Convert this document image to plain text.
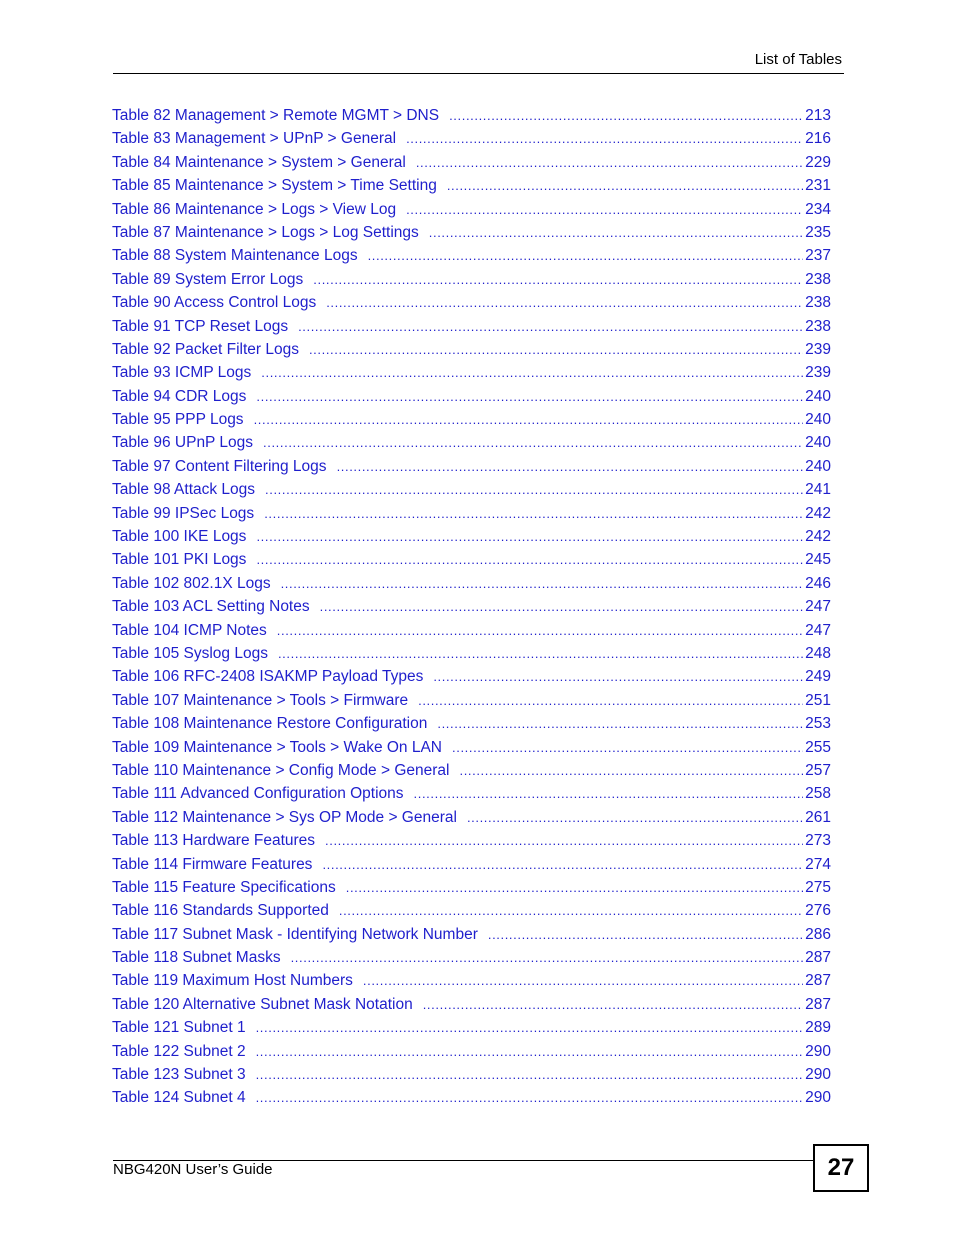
List of Tables
Table 82 Management > Remote MGMT > DNS .....	213
Table 83 Management > UPnP > General .....	216
Table 84 Maintenance > System > General .....	229
Table 85 Maintenance > System > Time Setting .....	231
Table 86 Maintenance > Logs > View Log .....	234
Table 87 Maintenance > Logs > Log Settings .....	235
Table 88 System Maintenance Logs .....	237
Table 89 System Error Logs .....	238
Table 90 Access Control Logs .....	238
Table 91 TCP Reset Logs .....	238
Table 92 Packet Filter Logs .....	239
Table 93 ICMP Logs .....	239
Table 94 CDR Logs .....	240
Table 95 PPP Logs .....	240
Table 96 UPnP Logs .....	240
Table 97 Content Filtering Logs .....	240
Table 98 Attack Logs .....	241
Table 99 IPSec Logs .....	242
Table 100 IKE Logs .....	242
Table 101 PKI Logs .....	245
Table 102 802.1X Logs .....	246
Table 103 ACL Setting Notes .....	247
Table 104 ICMP Notes .....	247
Table 105 Syslog Logs .....	248
Table 106 RFC-2408 ISAKMP Payload Types .....	249
Table 107 Maintenance > Tools > Firmware .....	251
Table 108 Maintenance Restore Configuration .....	253
Table 109 Maintenance > Tools > Wake On LAN .....	255
Table 110 Maintenance > Config Mode > General .....	257
Table 111 Advanced Configuration Options .....	258
Table 112 Maintenance > Sys OP Mode > General .....	261
Table 113 Hardware Features .....	273
Table 114 Firmware Features .....	274
Table 115 Feature Specifications .....	275
Table 116 Standards Supported .....	276
Table 117 Subnet Mask - Identifying Network Number .....	286
Table 118 Subnet Masks .....	287
Table 119 Maximum Host Numbers .....	287
Table 120 Alternative Subnet Mask Notation .....	287
Table 121 Subnet 1 .....	289
Table 122 Subnet 2 .....	290
Table 123 Subnet 3 .....	290
Table 124 Subnet 4 .....	290
NBG420N User’s Guide	27
